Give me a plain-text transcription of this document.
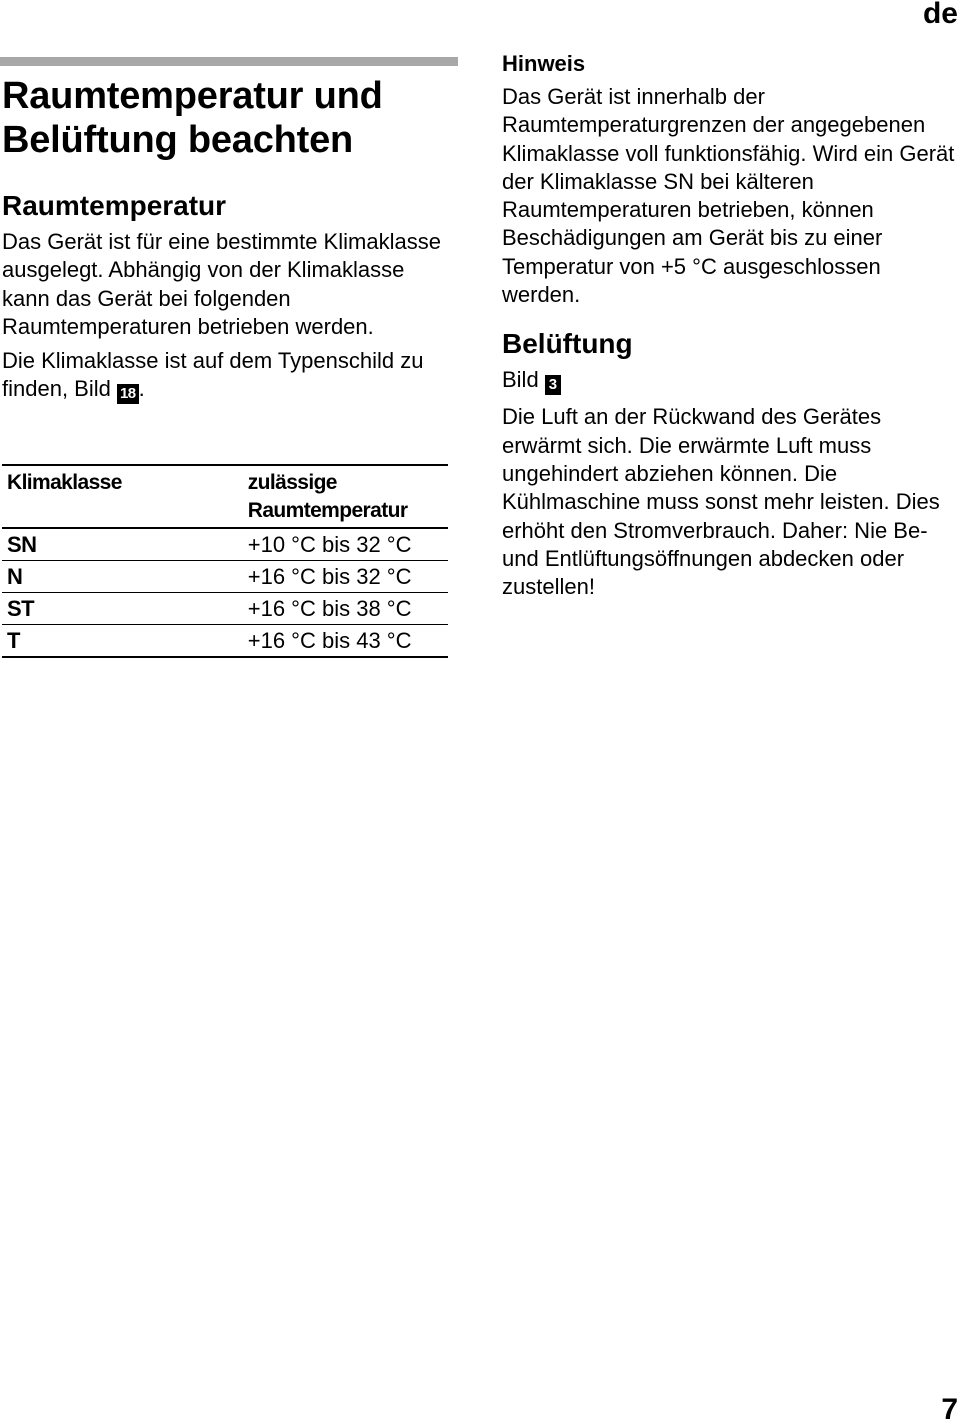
de
Raumtemperatur und Belüftung beachten
Raumtemperatur

Das Gerät ist für eine bestimmte Klimaklasse ausgelegt. Abhängig von der Klimaklasse kann das Gerät bei folgenden Raumtemperaturen betrieben werden.

Die Klimaklasse ist auf dem Typenschild zu finden, Bild 18 .

Klimaklasse	zulässige Raumtemperatur
SN	+10 °C bis 32 °C
N	+16 °C bis 32 °C
ST	+16 °C bis 38 °C
T	+16 °C bis 43 °C

Hinweis

Das Gerät ist innerhalb der Raumtemperaturgrenzen der angegebenen Klimaklasse voll funktionsfähig. Wird ein Gerät der Klimaklasse SN bei kälteren Raumtemperaturen betrieben, können Beschädigungen am Gerät bis zu einer Temperatur von +5 °C ausgeschlossen werden.

Belüftung

Bild 3

Die Luft an der Rückwand des Gerätes erwärmt sich. Die erwärmte Luft muss ungehindert abziehen können. Die Kühlmaschine muss sonst mehr leisten. Dies erhöht den Stromverbrauch. Daher: Nie Be- und Entlüftungsöffnungen abdecken oder zustellen!

7
